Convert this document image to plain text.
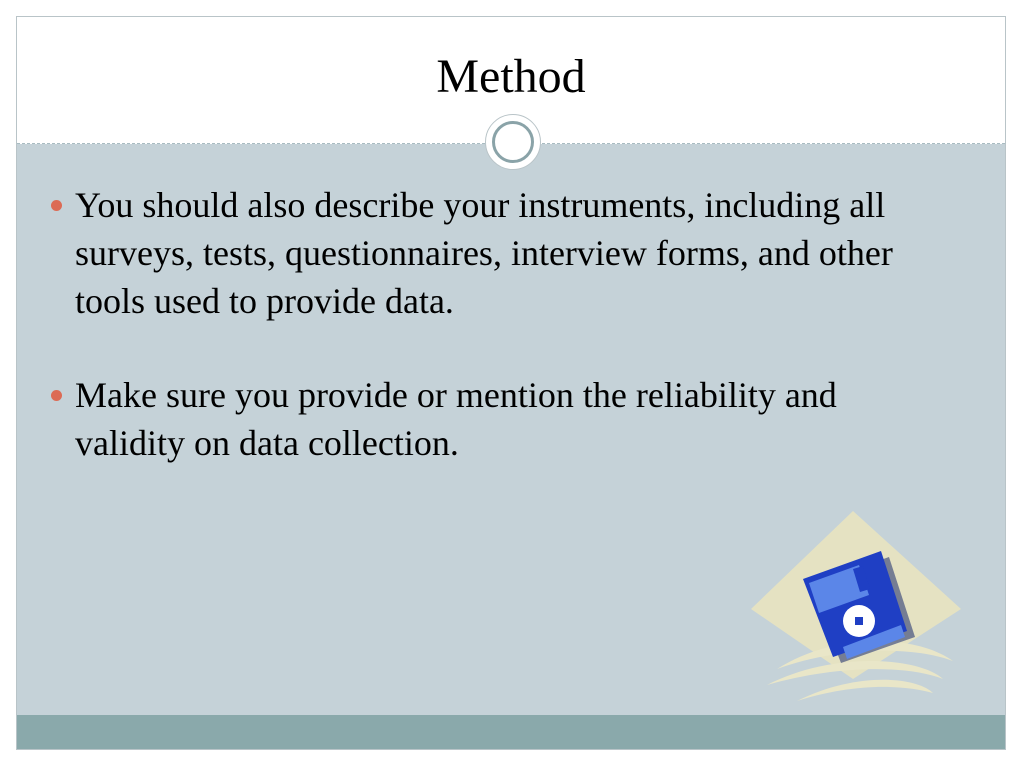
Method
You should also describe your instruments, including all surveys, tests, questionnaires, interview forms, and other tools used to provide data.
Make sure you provide or mention the reliability and validity on data collection.
